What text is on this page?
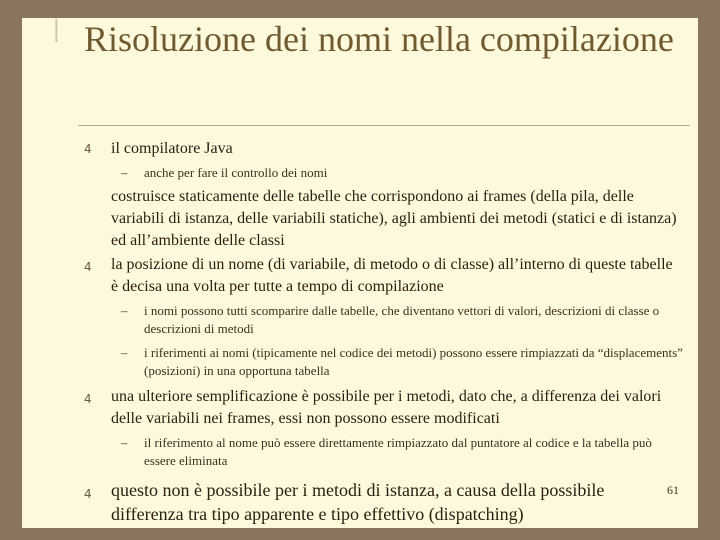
Risoluzione dei nomi nella compilazione
4 il compilatore Java
– anche per fare il controllo dei nomi
costruisce staticamente delle tabelle che corrispondono ai frames (della pila, delle variabili di istanza, delle variabili statiche), agli ambienti dei metodi (statici e di istanza) ed all’ambiente delle classi
4 la posizione di un nome (di variabile, di metodo o di classe) all’interno di queste tabelle è decisa una volta per tutte a tempo di compilazione
– i nomi possono tutti scomparire dalle tabelle, che diventano vettori di valori, descrizioni di classe o descrizioni di metodi
– i riferimenti ai nomi (tipicamente nel codice dei metodi) possono essere rimpiazzati da “displacements” (posizioni) in una opportuna tabella
4 una ulteriore semplificazione è possibile per i metodi, dato che, a differenza dei valori delle variabili nei frames, essi non possono essere modificati
– il riferimento al nome può essere direttamente rimpiazzato dal puntatore al codice e la tabella può essere eliminata
4 questo non è possibile per i metodi di istanza, a causa della possibile differenza tra tipo apparente e tipo effettivo (dispatching)
61
